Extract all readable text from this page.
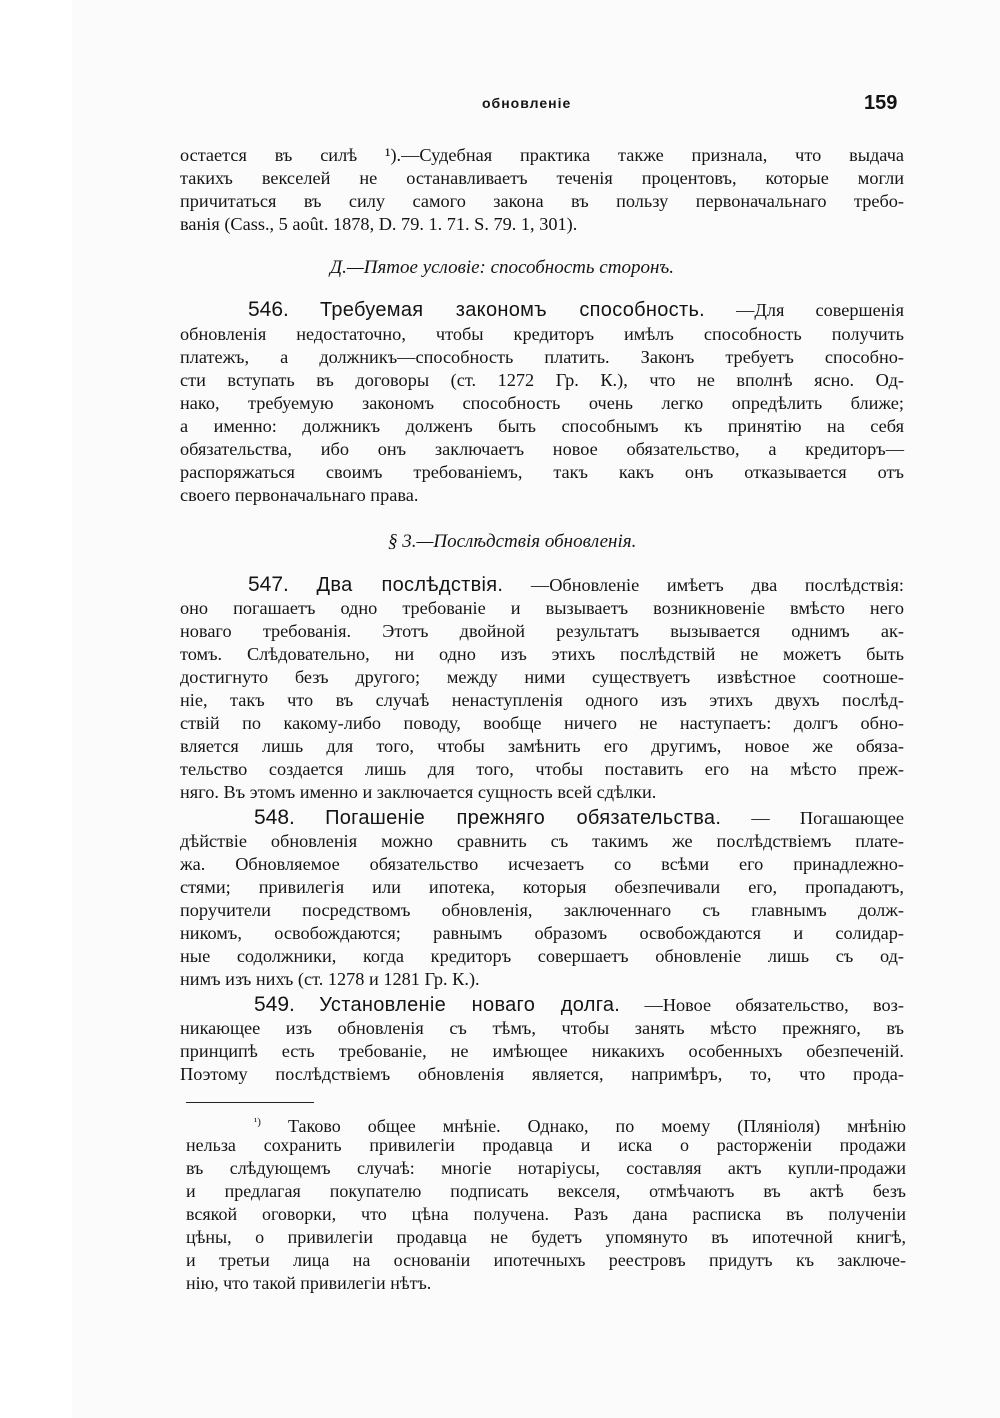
обновленіе	159
остается въ силѣ ¹).—Судебная практика также признала, что выдача
такихъ векселей не останавливаетъ теченія процентовъ, которые могли
причитаться въ силу самого закона въ пользу первоначальнаго требо-
ванія (Cass., 5 août. 1878, D. 79. 1. 71. S. 79. 1, 301).
Д.—Пятое условіе: способность сторонъ.
546. Требуемая закономъ способность. —Для совершенія
обновленія недостаточно, чтобы кредиторъ имѣлъ способность получить
платежъ, а должникъ—способность платить. Законъ требуетъ способно-
сти вступать въ договоры (ст. 1272 Гр. К.), что не вполнѣ ясно. Од-
нако, требуемую закономъ способность очень легко опредѣлить ближе;
а именно: должникъ долженъ быть способнымъ къ принятію на себя
обязательства, ибо онъ заключаетъ новое обязательство, а кредиторъ—
распоряжаться своимъ требованіемъ, такъ какъ онъ отказывается отъ
своего первоначальнаго права.
§ 3.—Послѣдствія обновленія.
547. Два послѣдствія. —Обновленіе имѣетъ два послѣдствія:
оно погашаетъ одно требованіе и вызываетъ возникновеніе вмѣсто него
новаго требованія. Этотъ двойной результатъ вызывается однимъ ак-
томъ. Слѣдовательно, ни одно изъ этихъ послѣдствій не можетъ быть
достигнуто безъ другого; между ними существуетъ извѣстное соотноше-
ніе, такъ что въ случаѣ ненаступленія одного изъ этихъ двухъ послѣд-
ствій по какому-либо поводу, вообще ничего не наступаетъ: долгъ обно-
вляется лишь для того, чтобы замѣнить его другимъ, новое же обяза-
тельство создается лишь для того, чтобы поставить его на мѣсто преж-
няго. Въ этомъ именно и заключается сущность всей сдѣлки.
548. Погашеніе прежняго обязательства. — Погашающее
дѣйствіе обновленія можно сравнить съ такимъ же послѣдствіемъ плате-
жа. Обновляемое обязательство исчезаетъ со всѣми его принадлежно-
стями; привилегія или ипотека, которыя обезпечивали его, пропадаютъ,
поручители посредствомъ обновленія, заключеннаго съ главнымъ долж-
никомъ, освобождаются; равнымъ образомъ освобождаются и солидар-
ные содолжники, когда кредиторъ совершаетъ обновленіе лишь съ од-
нимъ изъ нихъ (ст. 1278 и 1281 Гр. К.).
549. Установленіе новаго долга. —Новое обязательство, воз-
никающее изъ обновленія съ тѣмъ, чтобы занять мѣсто прежняго, въ
принципѣ есть требованіе, не имѣющее никакихъ особенныхъ обезпеченій.
Поэтому послѣдствіемъ обновленія является, напримѣръ, то, что прода-
$^{^1)}$ Таково общее мнѣніе. Однако, по моему (Пляніоля) мнѣнію
нельза сохранить привилегіи продавца и иска о расторженіи продажи
въ слѣдующемъ случаѣ: многіе нотаріусы, составляя актъ купли-продажи
и предлагая покупателю подписать векселя, отмѣчаютъ въ актѣ безъ
всякой оговорки, что цѣна получена. Разъ дана расписка въ полученіи
цѣны, о привилегіи продавца не будетъ упомянуто въ ипотечной книгѣ,
и третьи лица на основаніи ипотечныхъ реестровъ придутъ къ заключе-
нію, что такой привилегіи нѣтъ.
